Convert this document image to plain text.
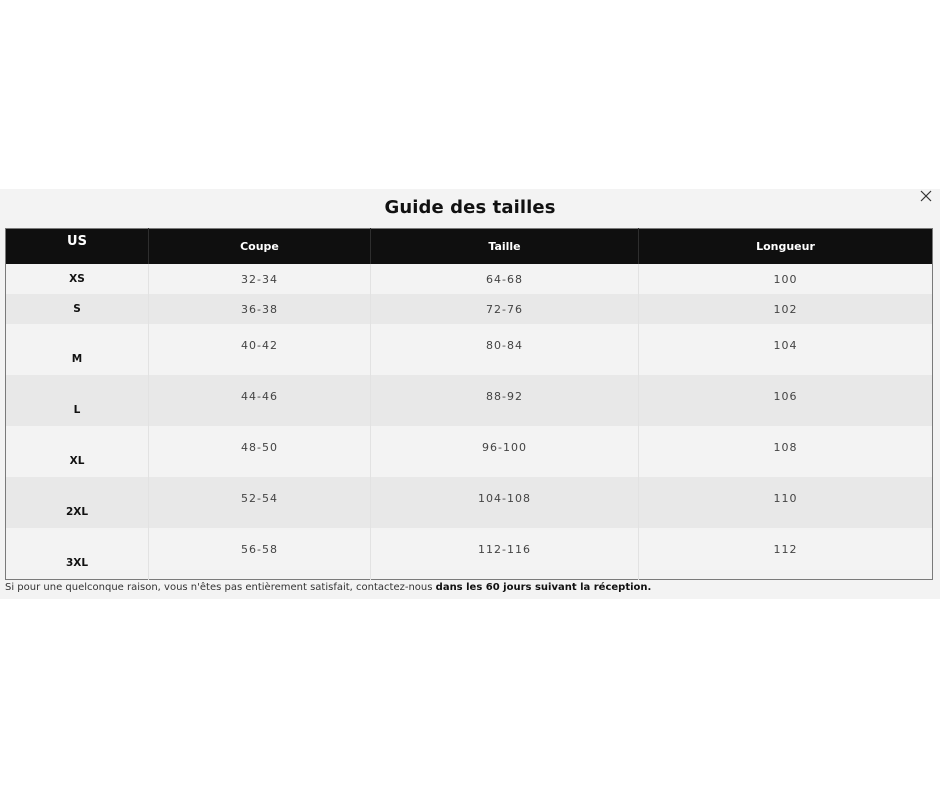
Guide des tailles
US	Coupe	Taille	Longueur
XS	32-34	64-68	100
S	36-38	72-76	102
M	40-42	80-84	104
L	44-46	88-92	106
XL	48-50	96-100	108
2XL	52-54	104-108	110
3XL	56-58	112-116	112
Si pour une quelconque raison, vous n'êtes pas entièrement satisfait, contactez-nous dans les 60 jours suivant la réception.
